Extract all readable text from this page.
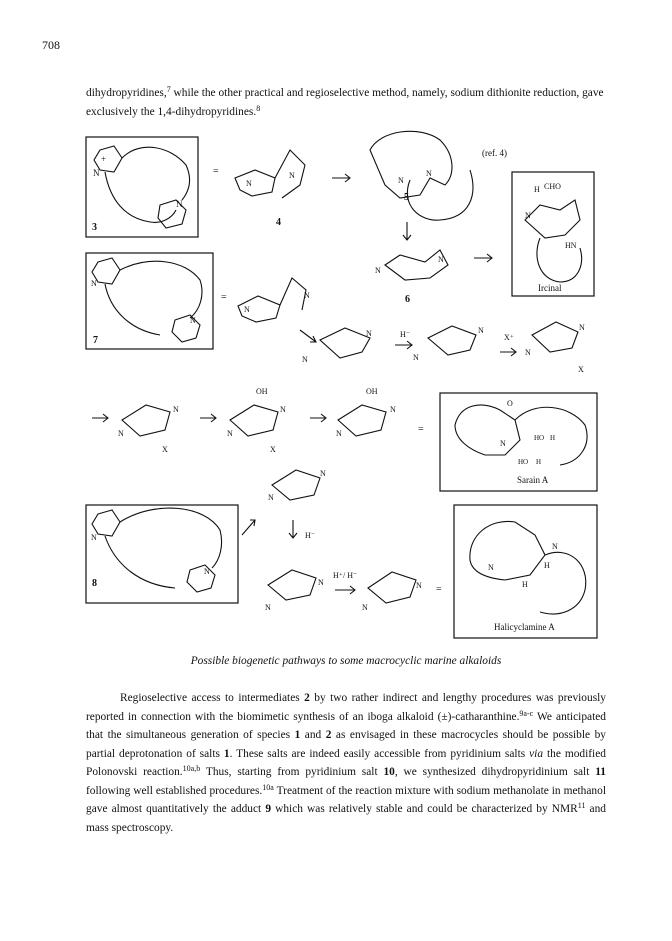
708

dihydropyridines,$^7$ while the other practical and regioselective method, namely, sodium dithionite reduction, gave exclusively the 1,4-dihydropyridines.$^8$

+
N
N
3
=
N
N
4
N
N
5
(ref. 4)
H CHO
N
HN
Ircinal
N
N
6
N
N
7
=
N
N
N
N
H⁻	N
N
X⁺
N
N
X
N
N
X
OH
N
N
X
OH
N
N	=
O
HO H
HO H
N
Sarain A
N
N
H⁻
N
N
8	N
N
H⁺/ H⁻
N
N
=
N
N	H
H
Halicyclamine A
Possible biogenetic pathways to some macrocyclic marine alkaloids

Regioselective access to intermediates 2 by two rather indirect and lengthy procedures was previously reported in connection with the biomimetic synthesis of an iboga alkaloid (±)-catharanthine.$^{9a-c}$ We anticipated that the simultaneous generation of species 1 and 2 as envisaged in these macrocycles should be possible by partial deprotonation of salts 1. These salts are indeed easily accessible from pyridinium salts via the modified Polonovski reaction.$^{10a,b}$ Thus, starting from pyridinium salt 10, we synthesized dihydropyridinium salt 11 following well established procedures.$^{10a}$ Treatment of the reaction mixture with sodium methanolate in methanol gave almost quantitatively the adduct 9 which was relatively stable and could be characterized by NMR$^{11}$ and mass spectroscopy.
